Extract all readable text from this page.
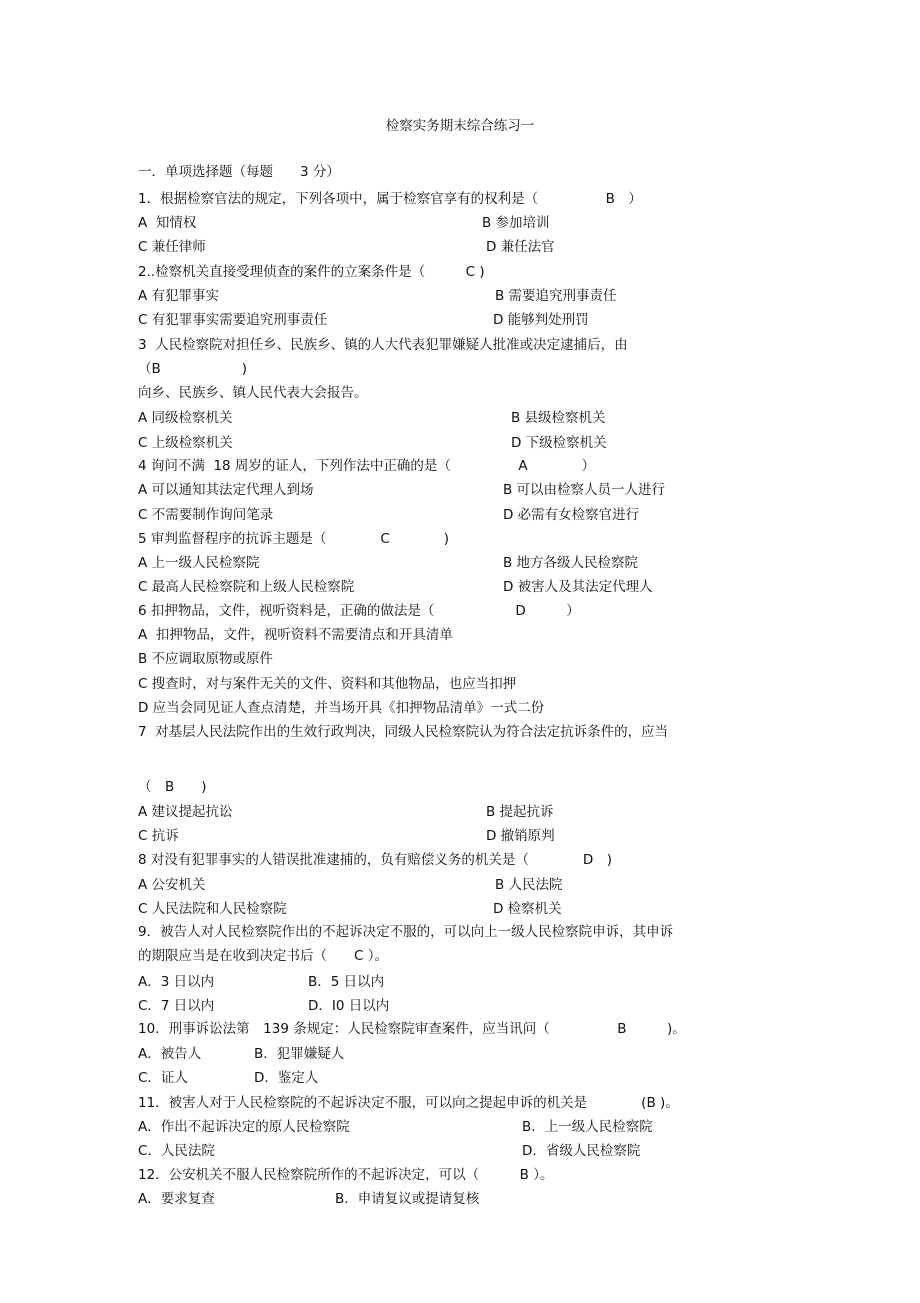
检察实务期末综合练习一
一．单项选择题（每题　　3 分）
1．根据检察官法的规定，下列各项中，属于检察官享有的权利是（　　　　　B　）
A  知情权	B 参加培训
C 兼任律师	D 兼任法官
2..检察机关直接受理侦查的案件的立案条件是（　　　C )
A 有犯罪事实	B 需要追究刑事责任
C 有犯罪事实需要追究刑事责任	D 能够判处刑罚
3  人民检察院对担任乡、民族乡、镇的人大代表犯罪嫌疑人批准或决定逮捕后，由
（B　　　　　　)
向乡、民族乡、镇人民代表大会报告。
A 同级检察机关	B 县级检察机关
C 上级检察机关	D 下级检察机关
4 询问不满  18 周岁的证人，下列作法中正确的是（　　　　　A　　　　）
A 可以通知其法定代理人到场	B 可以由检察人员一人进行
C 不需要制作询问笔录	D 必需有女检察官进行
5 审判监督程序的抗诉主题是（　　　　C　　　　)
A 上一级人民检察院	B 地方各级人民检察院
C 最高人民检察院和上级人民检察院	D 被害人及其法定代理人
6 扣押物品，文件，视听资料是，正确的做法是（　　　　　　D　　　）
A  扣押物品，文件，视听资料不需要清点和开具清单
B 不应调取原物或原件
C 搜查时，对与案件无关的文件、资料和其他物品，也应当扣押
D 应当会同见证人查点清楚，并当场开具《扣押物品清单》一式二份
7  对基层人民法院作出的生效行政判决，同级人民检察院认为符合法定抗诉条件的，应当
（　B　　)
A 建议提起抗讼	B 提起抗诉
C 抗诉	D 撤销原判
8 对没有犯罪事实的人错误批准逮捕的，负有赔偿义务的机关是（　　　　D　)
A 公安机关	B 人民法院
C 人民法院和人民检察院	D 检察机关
9．被告人对人民检察院作出的不起诉决定不服的，可以向上一级人民检察院申诉，其申诉
的期限应当是在收到决定书后（　　C ）。
A．3 日以内	B．5 日以内
C．7 日以内	D．I0 日以内
10．刑事诉讼法第　139 条规定：人民检察院审查案件，应当讯问（　　　　　B　　　)。
A．被告人	B．犯罪嫌疑人
C．证人	D．鉴定人
11．被害人对于人民检察院的不起诉决定不服，可以向之提起申诉的机关是　　　　(B )。
A．作出不起诉决定的原人民检察院	B．上一级人民检察院
C．人民法院	D．省级人民检察院
12．公安机关不服人民检察院所作的不起诉决定，可以（　　　B ）。
A．要求复查	B．申请复议或提请复核
